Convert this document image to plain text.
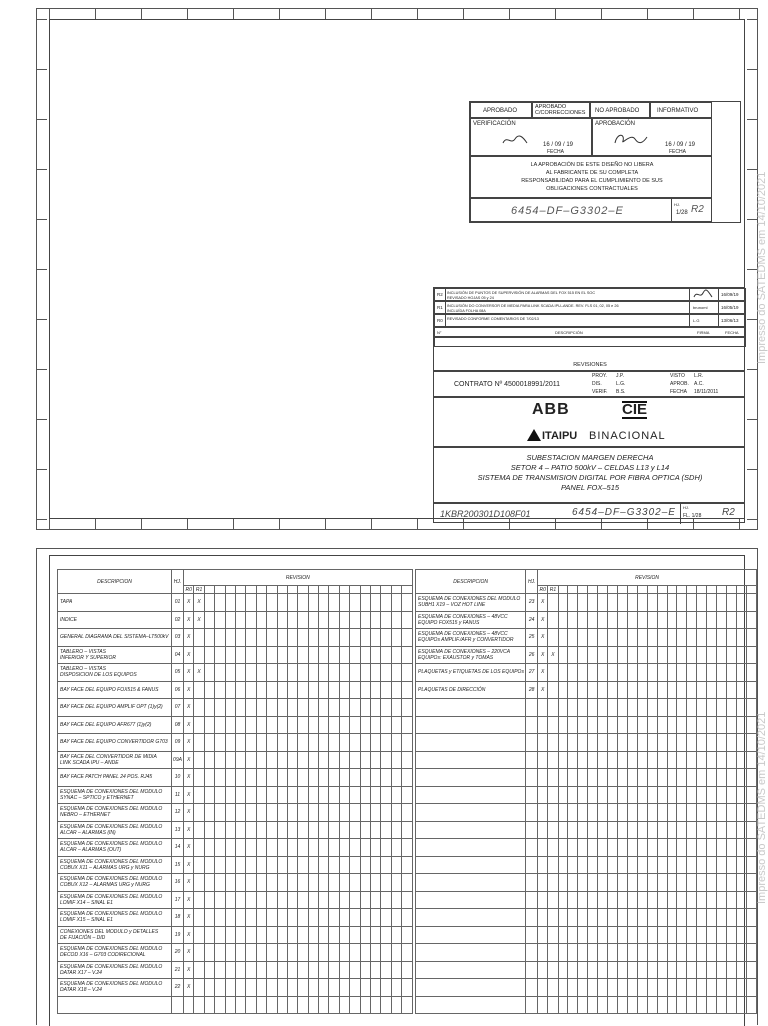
APROBADO
APROBADO C/CORRECCIONES	NO APROBADO	INFORMATIVO
VERIFICACIÓN
16 / 09 / 19
FECHA
APROBACIÓN
16 / 09 / 19
FECHA
LA APROBACIÓN DE ESTE DISEÑO NO LIBERA
AL FABRICANTE DE SU COMPLETA
RESPONSABILIDAD PARA EL CUMPLIMIENTO DE SUS
OBLIGACIONES CONTRACTUALES
6454–DF–G3302–E
HJ.
1/28 R2
R2 INCLUSIÓN DE PUNTOS DE SUPERVISIÓN DE ALARMAS DEL FOX 515 EN EL SOC
REVISADO HOJAS 05 y 24
16/09/19
R1 INCLUSIÓN DO CONVERSOR DE MEDIA PARA LINK SCADA IPU–ANDE. REV. FLS 01, 02, 05 e 26
INCLUÍDA FOLHA 08A
brunoml	16/05/19
R0 REVISADO CONFORME COMENTARIOS DE 7/02/13	L.G	13/06/13
N°	DESCRIPCIÓN	FIRMA	FECHA
REVISIONES
CONTRATO Nº 4500018991/2011
PROY. J.P.
DIS.	L.G.
VERIF. B.S.
VISTO L.R.
APROB. A.C.
FECHA 18/11/2011
ABB	CIE
ITAIPU BINACIONAL
SUBESTACION MARGEN DERECHA
SETOR 4 – PATIO 500kV – CELDAS L13 y L14
SISTEMA DE TRANSMISION DIGITAL POR FIBRA OPTICA (SDH)
PANEL FOX–515
1KBR200301D108F01	6454–DF–G3302–E HJ.
FL. 1/28 R2
Impresso do SATEDMS em 14/10/2021
DESCRIPCION	HJ.	REVISION																					
		R0	R1																				
TAPA	01	X	X																				
INDICE	02	X	X																				
GENERAL DIAGRAMA DEL SISTEMA–LT500kV	03	X																					
TABLERO – VISTAS
INFERIOR Y SUPERIOR	04	X																					
TABLERO – VISTAS
DISPOSICION DE LOS EQUIPOS	05	X	X																				
BAY FACE DEL EQUIPO FOX515 & FANUS	06	X																					
BAY FACE DEL EQUIPO AMPLIF OPT (1)y(2)	07	X																					
BAY FACE DEL EQUIPO AFR677 (1)y(2)	08	X																					
BAY FACE DEL EQUIPO CONVERTIDOR G703	09	X																					
BAY FACE DEL CONVERTIDOR DE MIDIA
LINK SCADA IPU – ANDE	09A	X																					
BAY FACE PATCH PANEL 24 POS. RJ45	10	X																					
ESQUEMA DE CONEXIONES DEL MODULO
SYNAC – SPTICO y ETHERNET	11	X																					
ESQUEMA DE CONEXIONES DEL MODULO
NEBRO – ETHERNET	12	X																					
ESQUEMA DE CONEXIONES DEL MODULO
ALCAR – ALARMAS (IN)	13	X																					
ESQUEMA DE CONEXIONES DEL MODULO
ALCAR – ALARMAS (OUT)	14	X																					
ESQUEMA DE CONEXIONES DEL MODULO
COBUX X11 – ALARMAS URG y NURG	15	X																					
ESQUEMA DE CONEXIONES DEL MODULO
COBUX X12 – ALARMAS URG y NURG	16	X																					
ESQUEMA DE CONEXIONES DEL MODULO
LOMIF X14 – SINAL E1	17	X																					
ESQUEMA DE CONEXIONES DEL MODULO
LOMIF X15 – SINAL E1	18	X																					
CONEXIONES DEL MODULO y DETALLES
DE FIJACIÓN – DID	19	X																					
ESQUEMA DE CONEXIONES DEL MODULO
DECOD X16 – G703 CODIRECIONAL	20	X																					
ESQUEMA DE CONEXIONES DEL MODULO
DATAR X17 – V.24	21	X																					
ESQUEMA DE CONEXIONES DEL MODULO
DATAR X18 – V.24	22	X																					

DESCRIPCION	HJ.	REVISION																					
		R0	R1																				
ESQUEMA DE CONEXIONES DEL MODULO
SUBH1 X19 – VOZ HOT LINE	23	X																					
ESQUEMA DE CONEXIONES – 48VCC
EQUIPO FOX515 y FANUS	24	X																					
ESQUEMA DE CONEXIONES – 48VCC
EQUIPOs AMPLIF./AFR y CONVERTIDOR	25	X																					
ESQUEMA DE CONEXIONES – 220VCA
EQUIPOs: EXAUSTOR y TOMAS	26	X	X																				
PLAQUETAS y ETIQUETAS DE LOS EQUIPOs	27	X																					
PLAQUETAS DE DIRECCIÓN	28	X																					

Impresso do SATEDMS em 14/10/2021
